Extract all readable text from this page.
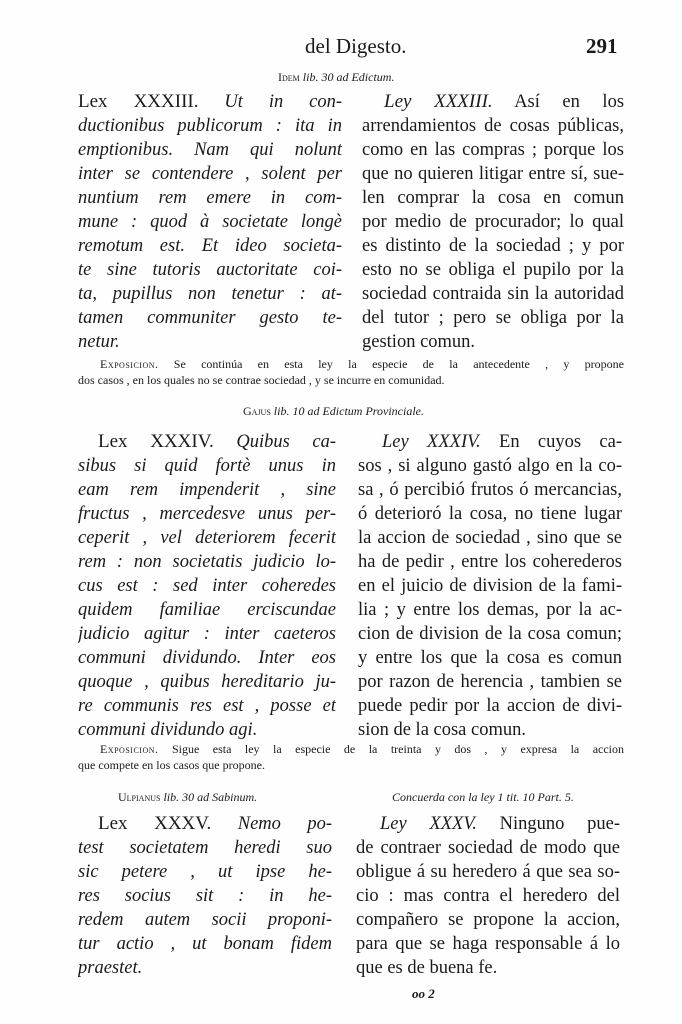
del Digesto.	291
Idem lib. 30 ad Edictum.
Lex XXXIII. Ut in con-
ductionibus publicorum : ita in
emptionibus. Nam qui nolunt
inter se contendere , solent per
nuntium rem emere in com-
mune : quod à societate longè
remotum est. Et ideo societa-
te sine tutoris auctoritate coi-
ta, pupillus non tenetur : at-
tamen communiter gesto te-
netur.
Ley XXXIII. Así en los
arrendamientos de cosas públicas,
como en las compras ; porque los
que no quieren litigar entre sí, sue-
len comprar la cosa en comun
por medio de procurador; lo qual
es distinto de la sociedad ; y por
esto no se obliga el pupilo por la
sociedad contraida sin la autoridad
del tutor ; pero se obliga por la
gestion comun.
Exposicion. Se continúa en esta ley la especie de la antecedente , y propone
dos casos , en los quales no se contrae sociedad , y se incurre en comunidad.
Gajus lib. 10 ad Edictum Provinciale.
Lex XXXIV. Quibus ca-
sibus si quid fortè unus in
eam rem impenderit , sine
fructus , mercedesve unus per-
ceperit , vel deteriorem fecerit
rem : non societatis judicio lo-
cus est : sed inter coheredes
quidem familiae erciscundae
judicio agitur : inter caeteros
communi dividundo. Inter eos
quoque , quibus hereditario ju-
re communis res est , posse et
communi dividundo agi.
Ley XXXIV. En cuyos ca-
sos , si alguno gastó algo en la co-
sa , ó percibió frutos ó mercancias,
ó deterioró la cosa, no tiene lugar
la accion de sociedad , sino que se
ha de pedir , entre los coherederos
en el juicio de division de la fami-
lia ; y entre los demas, por la ac-
cion de division de la cosa comun;
y entre los que la cosa es comun
por razon de herencia , tambien se
puede pedir por la accion de divi-
sion de la cosa comun.
Exposicion. Sigue esta ley la especie de la treinta y dos , y expresa la accion
que compete en los casos que propone.
Ulpianus lib. 30 ad Sabinum.	Concuerda con la ley 1 tit. 10 Part. 5.
Lex XXXV. Nemo po-
test societatem heredi suo
sic petere , ut ipse he-
res socius sit : in he-
redem autem socii proponi-
tur actio , ut bonam fidem
praestet.
Ley XXXV. Ninguno pue-
de contraer sociedad de modo que
obligue á su heredero á que sea so-
cio : mas contra el heredero del
compañero se propone la accion,
para que se haga responsable á lo
que es de buena fe.
oo 2
